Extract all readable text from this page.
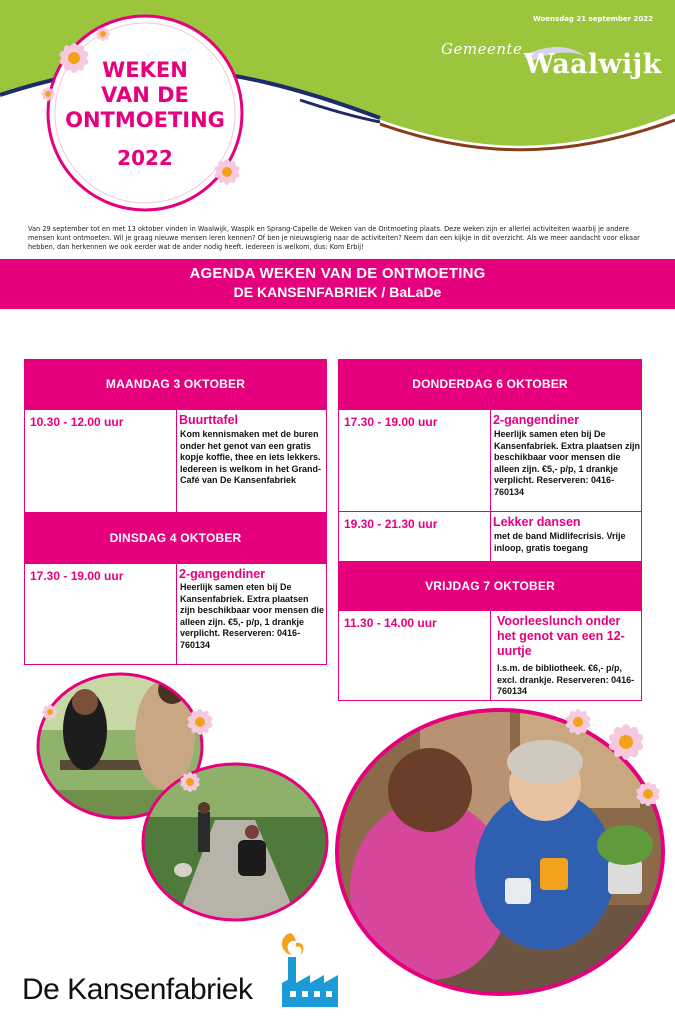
Woensdag 21 september 2022
Gemeente Waalwijk
WEKEN
VAN DE
ONTMOETING
2022
Van 29 september tot en met 13 oktober vinden in Waalwijk, Waspik en Sprang-Capelle de Weken van de Ontmoeting plaats. Deze weken zijn er allerlei activiteiten waarbij je andere mensen kunt ontmoeten. Wil je graag nieuwe mensen leren kennen? Of ben je nieuwsgierig naar de activiteiten? Neem dan een kijkje in dit overzicht. Als we meer aandacht voor elkaar hebben, dan herkennen we ook eerder wat de ander nodig heeft. Iedereen is welkom, dus: Kom Erbij!
AGENDA WEKEN VAN DE ONTMOETING
DE KANSENFABRIEK / BaLaDe
MAANDAG 3 OKTOBER
10.30 - 12.00 uur	Buurttafel
Kom kennismaken met de buren onder het genot van een gratis kopje koffie, thee en iets lekkers. Iedereen is welkom in het Grand-Café van De Kansenfabriek
DINSDAG 4 OKTOBER
17.30 - 19.00 uur	2-gangendiner
Heerlijk samen eten bij De Kansenfabriek. Extra plaatsen zijn beschikbaar voor mensen die alleen zijn. €5,- p/p, 1 drankje verplicht. Reserveren: 0416-760134
DONDERDAG 6 OKTOBER
17.30 - 19.00 uur	2-gangendiner
Heerlijk samen eten bij De Kansenfabriek. Extra plaatsen zijn beschikbaar voor mensen die alleen zijn. €5,- p/p, 1 drankje verplicht. Reserveren: 0416-760134
19.30 - 21.30 uur	Lekker dansen
met de band Midlifecrisis. Vrije inloop, gratis toegang
VRIJDAG 7 OKTOBER
11.30 - 14.00 uur	Voorleeslunch onder het genot van een 12-uurtje
I.s.m. de bibliotheek. €6,- p/p, excl. drankje. Reserveren: 0416-760134
De Kansenfabriek
